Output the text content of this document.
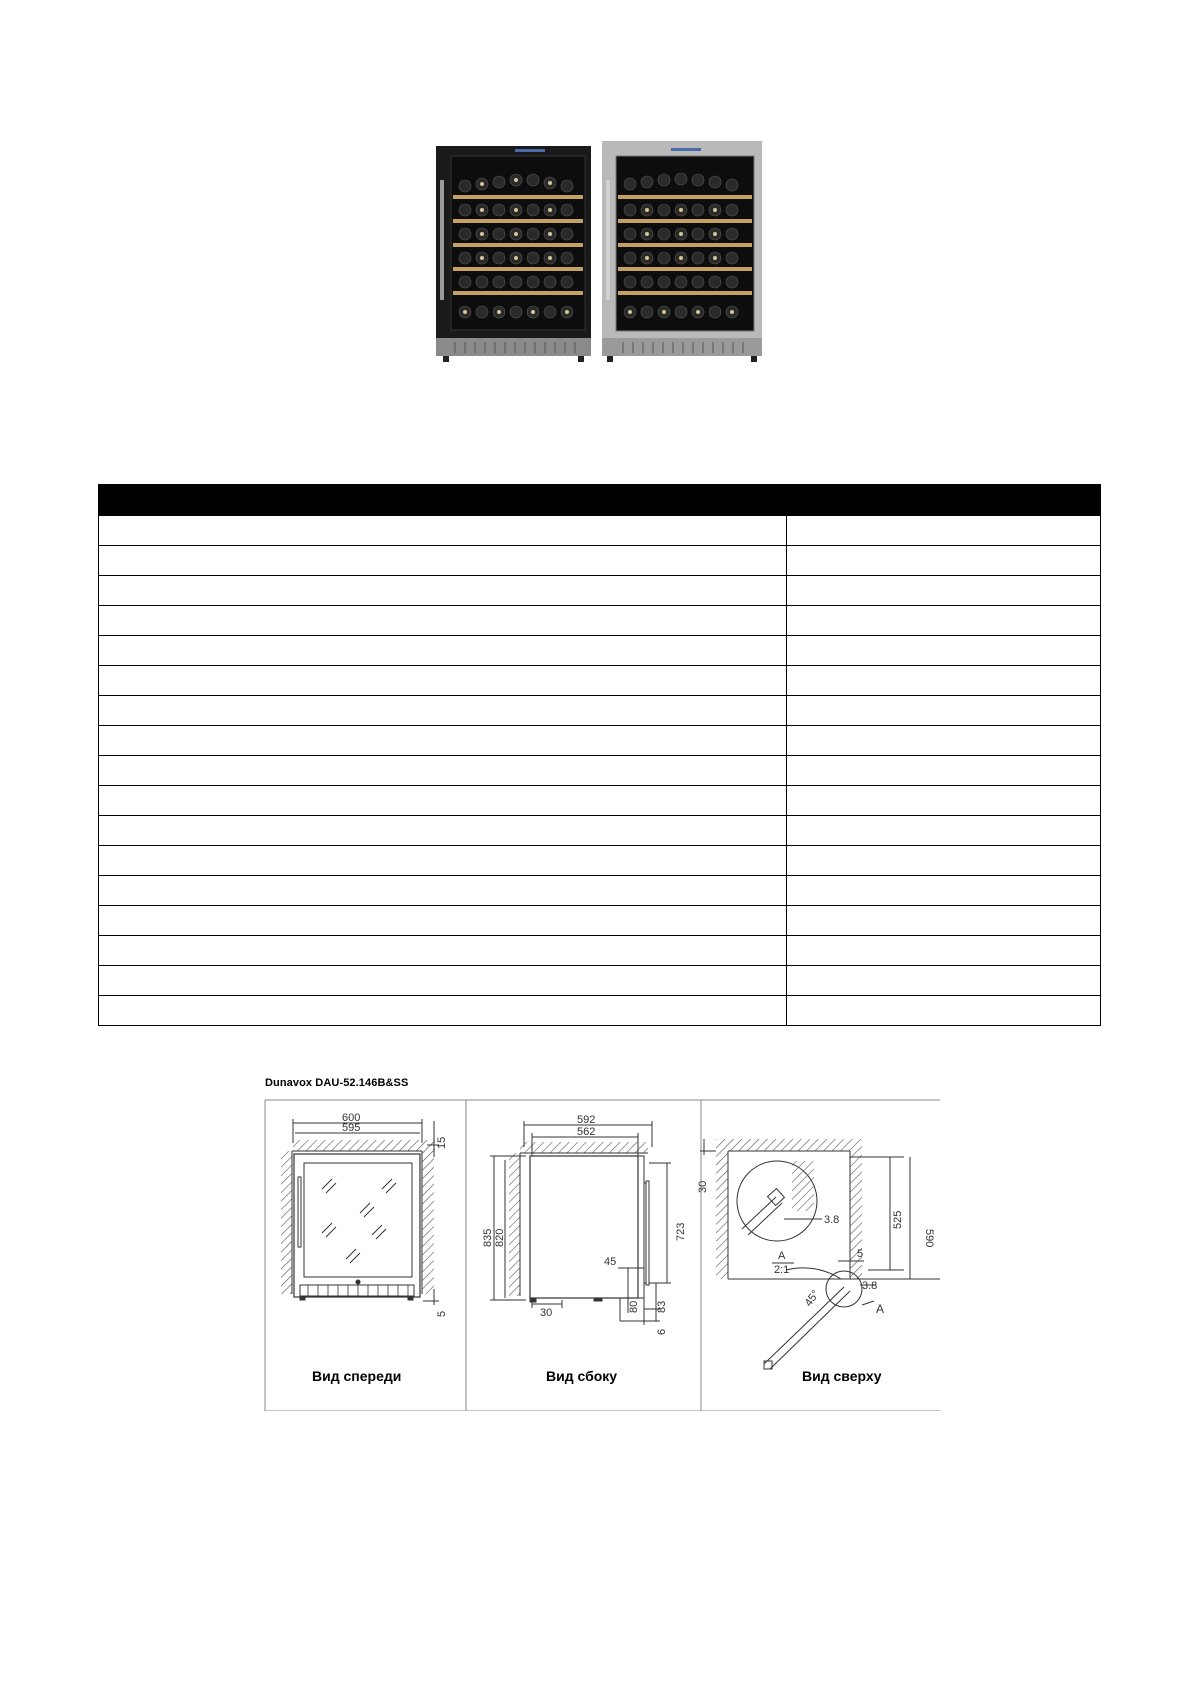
Dunavox DAU-52.146B&SS
600
595
15
5
Вид спереди
592
562
835 820	723
45
80 83
30
6
Вид сбоку
30
525
590
3.8
3.8
5
A
2:1
A
45°
Вид сверху
